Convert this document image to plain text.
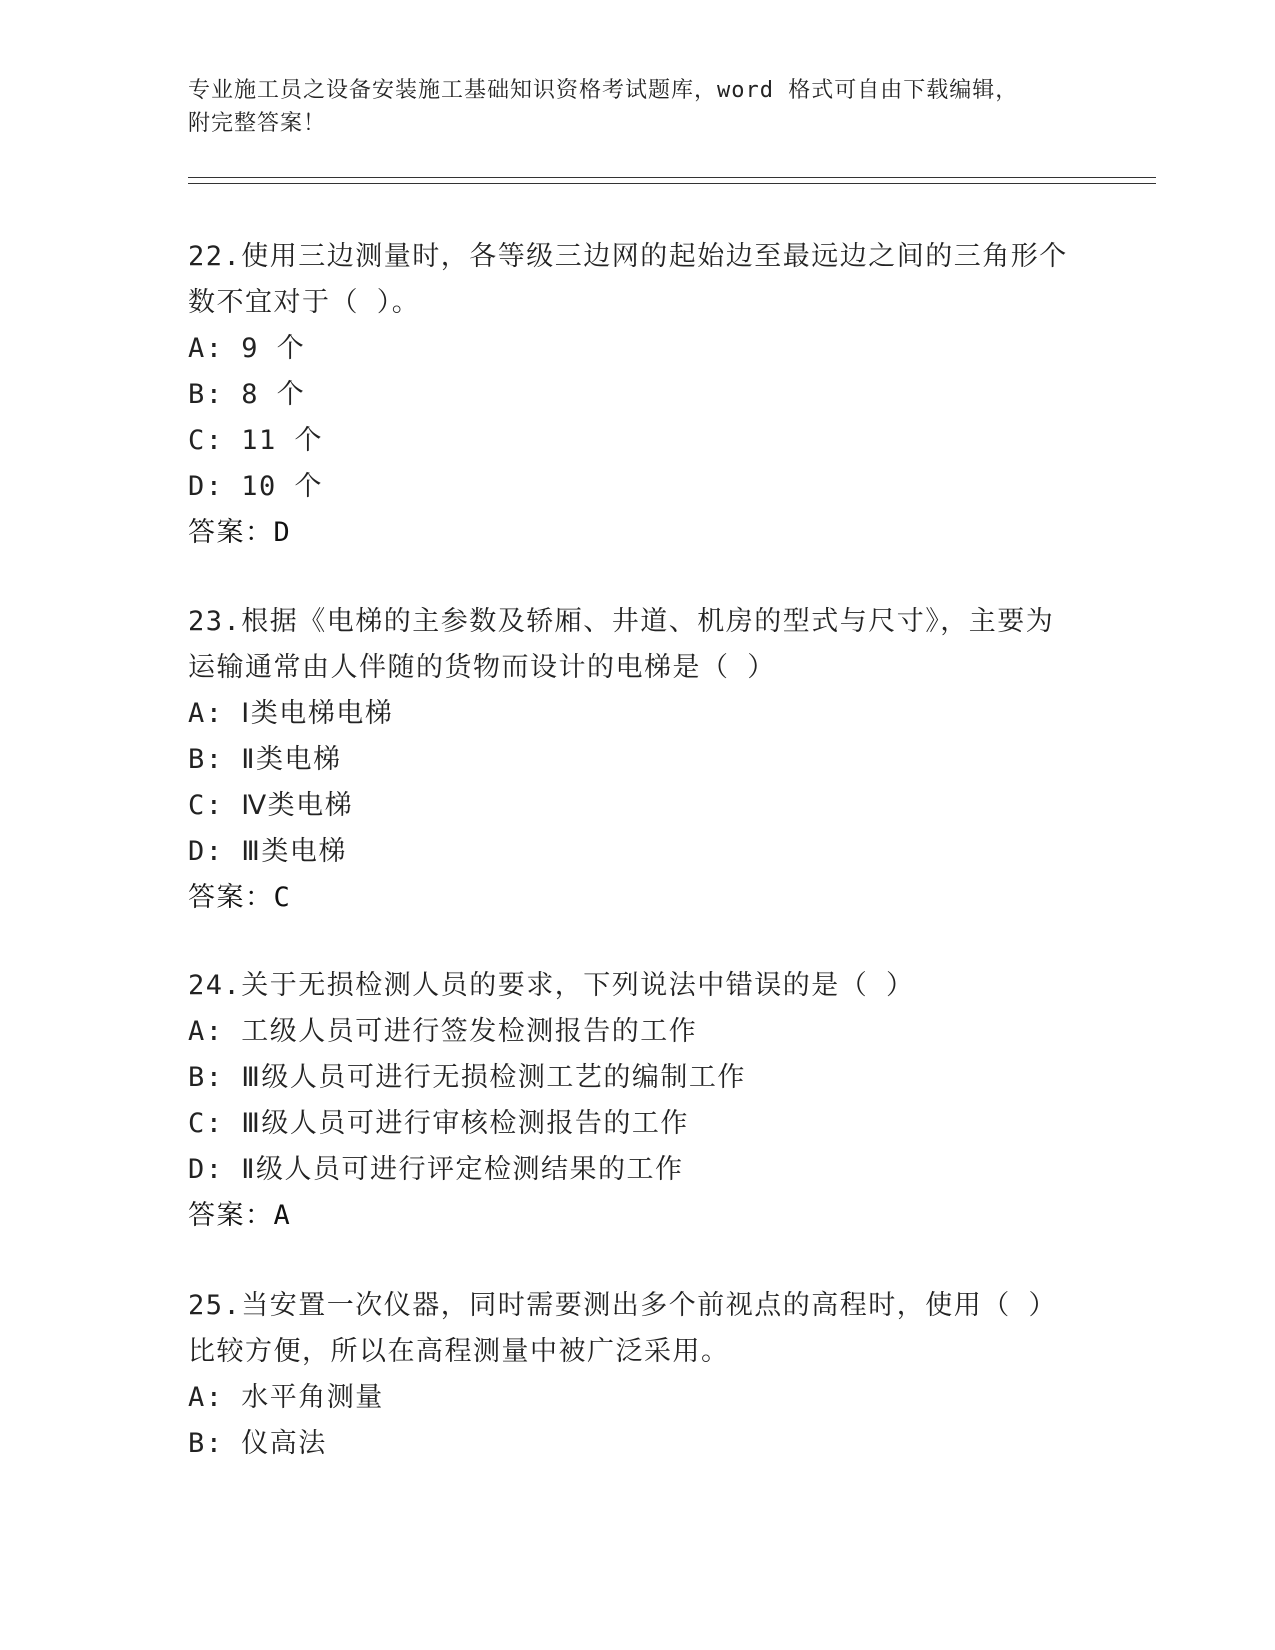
专业施工员之设备安装施工基础知识资格考试题库，word 格式可自由下载编辑，
附完整答案！

22.使用三边测量时，各等级三边网的起始边至最远边之间的三角形个

数不宜对于（ ）。

A: 9 个

B: 8 个

C: 11 个

D: 10 个

答案：D

23.根据《电梯的主参数及轿厢、井道、机房的型式与尺寸》，主要为

运输通常由人伴随的货物而设计的电梯是（ ）

A: Ⅰ类电梯电梯

B: Ⅱ类电梯

C: Ⅳ类电梯

D: Ⅲ类电梯

答案：C

24.关于无损检测人员的要求，下列说法中错误的是（ ）

A: 工级人员可进行签发检测报告的工作

B: Ⅲ级人员可进行无损检测工艺的编制工作

C: Ⅲ级人员可进行审核检测报告的工作

D: Ⅱ级人员可进行评定检测结果的工作

答案：A

25.当安置一次仪器，同时需要测出多个前视点的高程时，使用（ ）

比较方便，所以在高程测量中被广泛采用。

A: 水平角测量

B: 仪高法
